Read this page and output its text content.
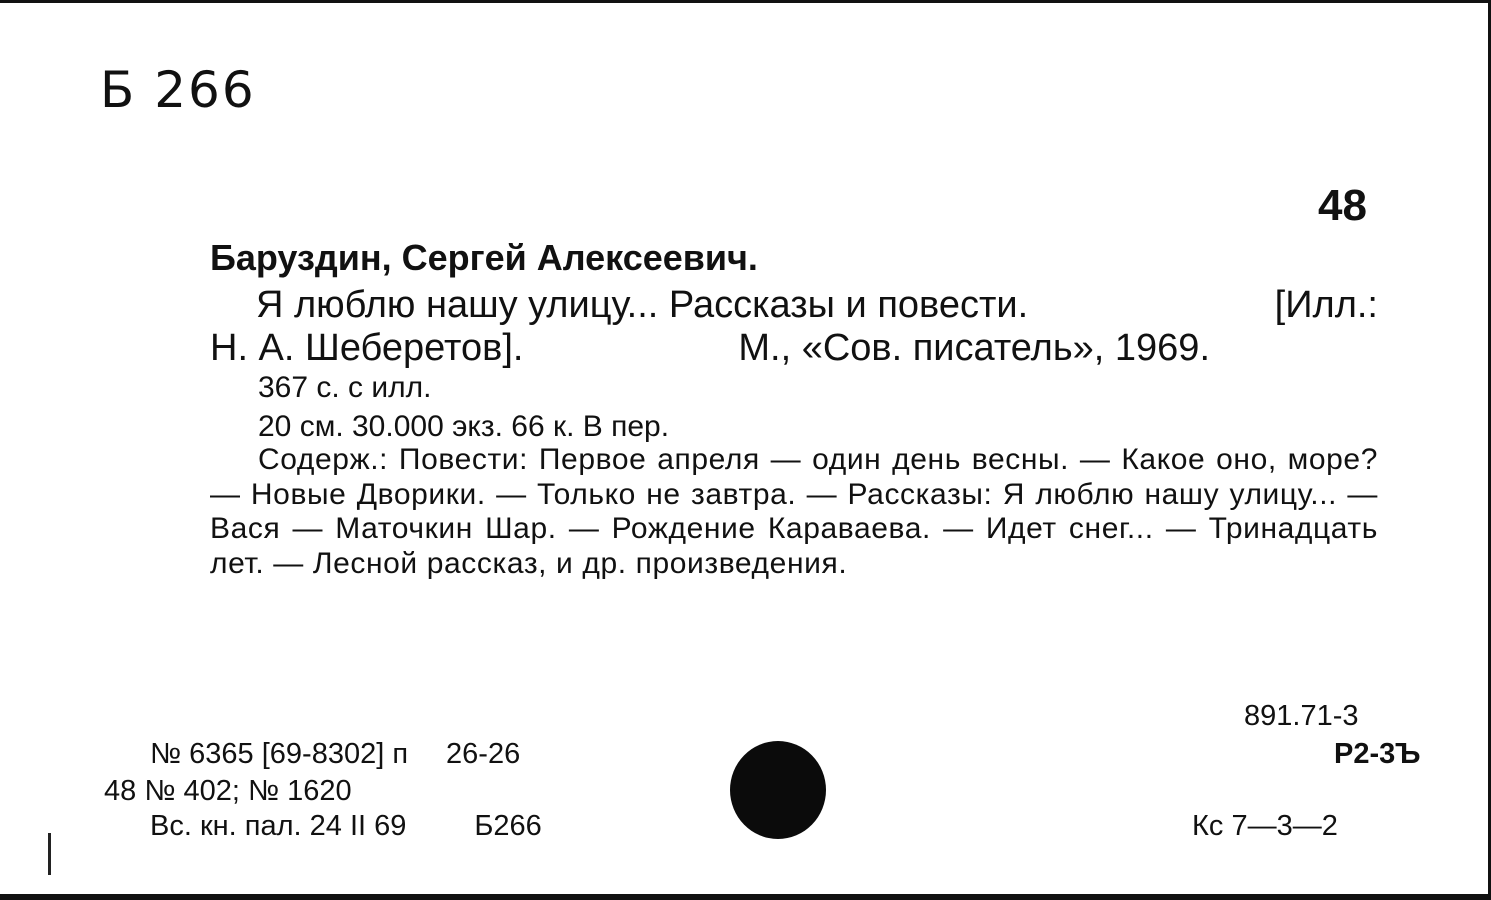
Б 266
48
Баруздин, Сергей Алексеевич.
Я люблю нашу улицу... Рассказы и повести.	[Илл.:
Н. А. Шеберетов].	М., «Сов. писатель», 1969.
367 с. с илл.
20 см. 30.000 экз. 66 к. В пер.
Содерж.: Повести: Первое апреля — один день весны. — Какое оно, море? — Новые Дворики. — Только не завтра. — Рассказы: Я люблю нашу улицу... — Вася — Маточкин Шар. — Рождение Караваева. — Идет снег... — Тринадцать лет. — Лесной рассказ, и др. произведения.
№ 6365 [69-8302] п 26-26
48 № 402; № 1620
Вс. кн. пал. 24 II 69 Б266
891.71-3
Р2-3Ъ
Кс 7—3—2
